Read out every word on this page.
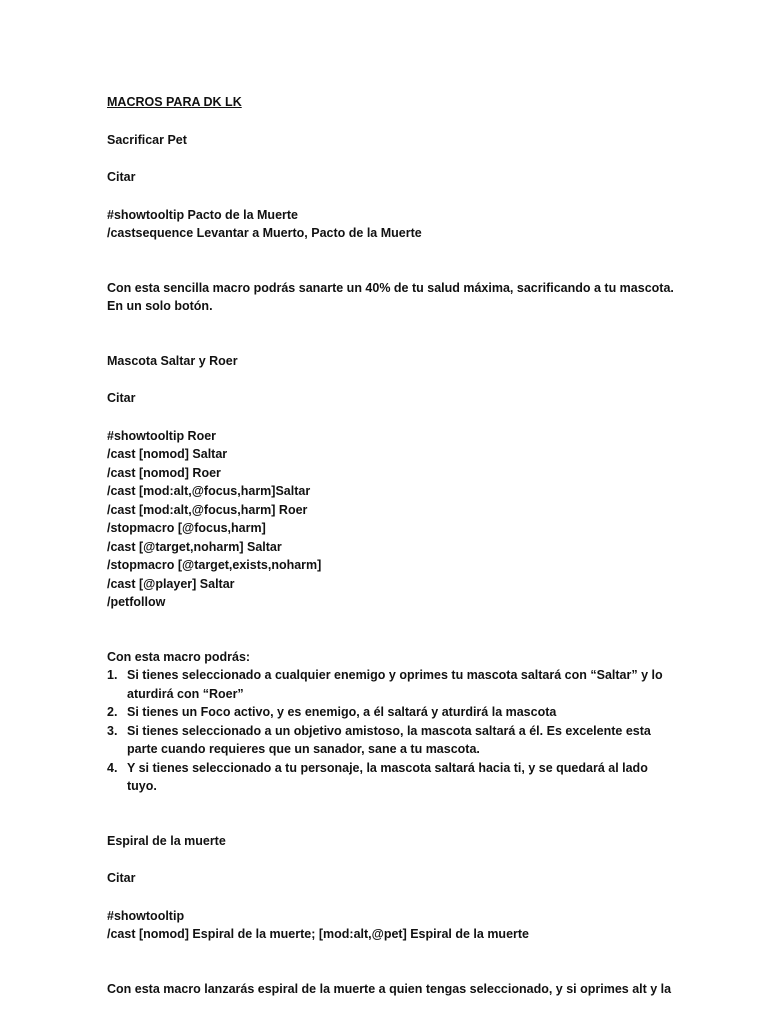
MACROS PARA DK LK

Sacrificar Pet

Citar

#showtooltip Pacto de la Muerte

/castsequence Levantar a Muerto, Pacto de la Muerte

Con esta sencilla macro podrás sanarte un 40% de tu salud máxima, sacrificando a tu mascota.

En un solo botón.

Mascota Saltar y Roer

Citar

#showtooltip Roer

/cast [nomod] Saltar

/cast [nomod] Roer

/cast [mod:alt,@focus,harm]Saltar

/cast [mod:alt,@focus,harm] Roer

/stopmacro [@focus,harm]

/cast [@target,noharm] Saltar

/stopmacro [@target,exists,noharm]

/cast [@player] Saltar

/petfollow

Con esta macro podrás:

1. Si tienes seleccionado a cualquier enemigo y oprimes tu mascota saltará con “Saltar” y lo aturdirá con “Roer”
2. Si tienes un Foco activo, y es enemigo, a él saltará y aturdirá la mascota
3. Si tienes seleccionado a un objetivo amistoso, la mascota saltará a él. Es excelente esta parte cuando requieres que un sanador, sane a tu mascota.
4. Y si tienes seleccionado a tu personaje, la mascota saltará hacia ti, y se quedará al lado tuyo.

Espiral de la muerte

Citar

#showtooltip

/cast [nomod] Espiral de la muerte; [mod:alt,@pet] Espiral de la muerte

Con esta macro lanzarás espiral de la muerte a quien tengas seleccionado, y si oprimes alt y la
